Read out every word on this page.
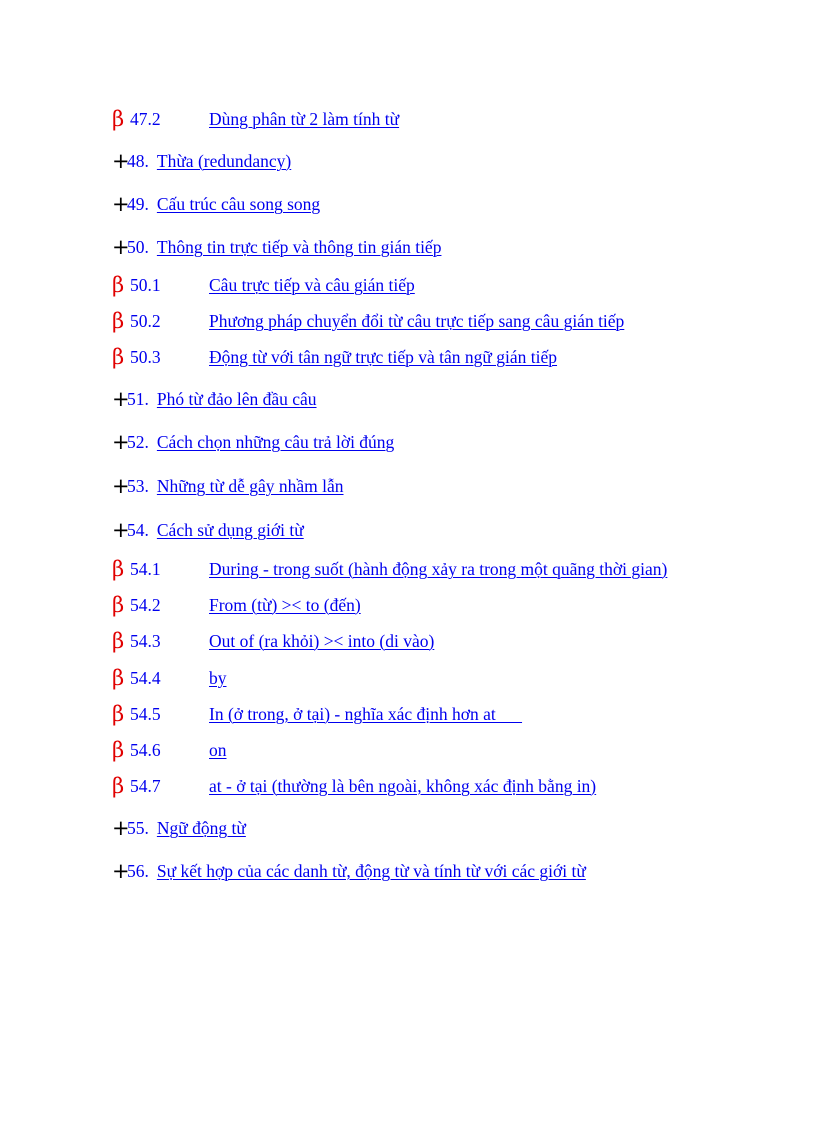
β 47.2	Dùng phân từ 2 làm tính từ
+
48. Thừa (redundancy)
+
49. Cấu trúc câu song song
+
50. Thông tin trực tiếp và thông tin gián tiếp
β 50.1	Câu trực tiếp và câu gián tiếp
β 50.2	Phương pháp chuyển đổi từ câu trực tiếp sang câu gián tiếp
β 50.3	Động từ với tân ngữ trực tiếp và tân ngữ gián tiếp
+
51. Phó từ đảo lên đầu câu
+
52. Cách chọn những câu trả lời đúng
+
53. Những từ dễ gây nhầm lẫn
+
54. Cách sử dụng giới từ
β 54.1	During - trong suốt (hành động xảy ra trong một quãng thời gian)
β 54.2	From (từ) >< to (đến)
β 54.3	Out of (ra khỏi) >< into (di vào)
β 54.4	by
β 54.5	In (ở trong, ở tại) - nghĩa xác định hơn at
β 54.6	on
β 54.7	at - ở tại (thường là bên ngoài, không xác định bằng in)
+
55. Ngữ động từ
+
56. Sự kết hợp của các danh từ, động từ và tính từ với các giới từ
